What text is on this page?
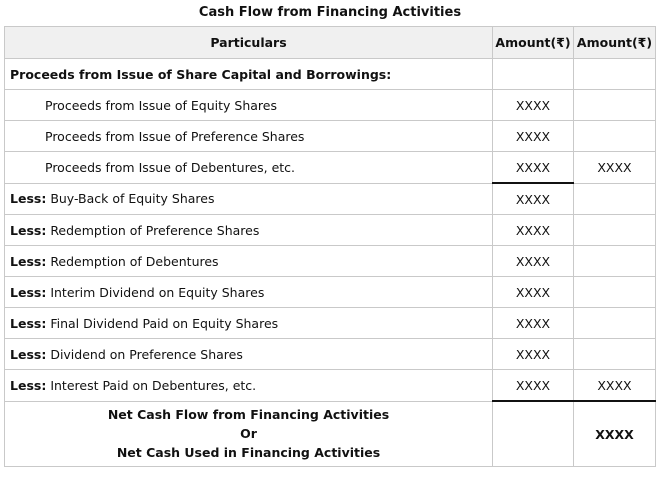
Cash Flow from Financing Activities
Particulars	Amount(₹)	Amount(₹)
Proceeds from Issue of Share Capital and Borrowings:		
Proceeds from Issue of Equity Shares	XXXX	
Proceeds from Issue of Preference Shares	XXXX	
Proceeds from Issue of Debentures, etc.	XXXX	XXXX
Less: Buy-Back of Equity Shares	XXXX	
Less: Redemption of Preference Shares	XXXX	
Less: Redemption of Debentures	XXXX	
Less: Interim Dividend on Equity Shares	XXXX	
Less: Final Dividend Paid on Equity Shares	XXXX	
Less: Dividend on Preference Shares	XXXX	
Less: Interest Paid on Debentures, etc.	XXXX	XXXX

Net Cash Flow from Financing Activities
Or
Net Cash Used in Financing Activities		XXXX
